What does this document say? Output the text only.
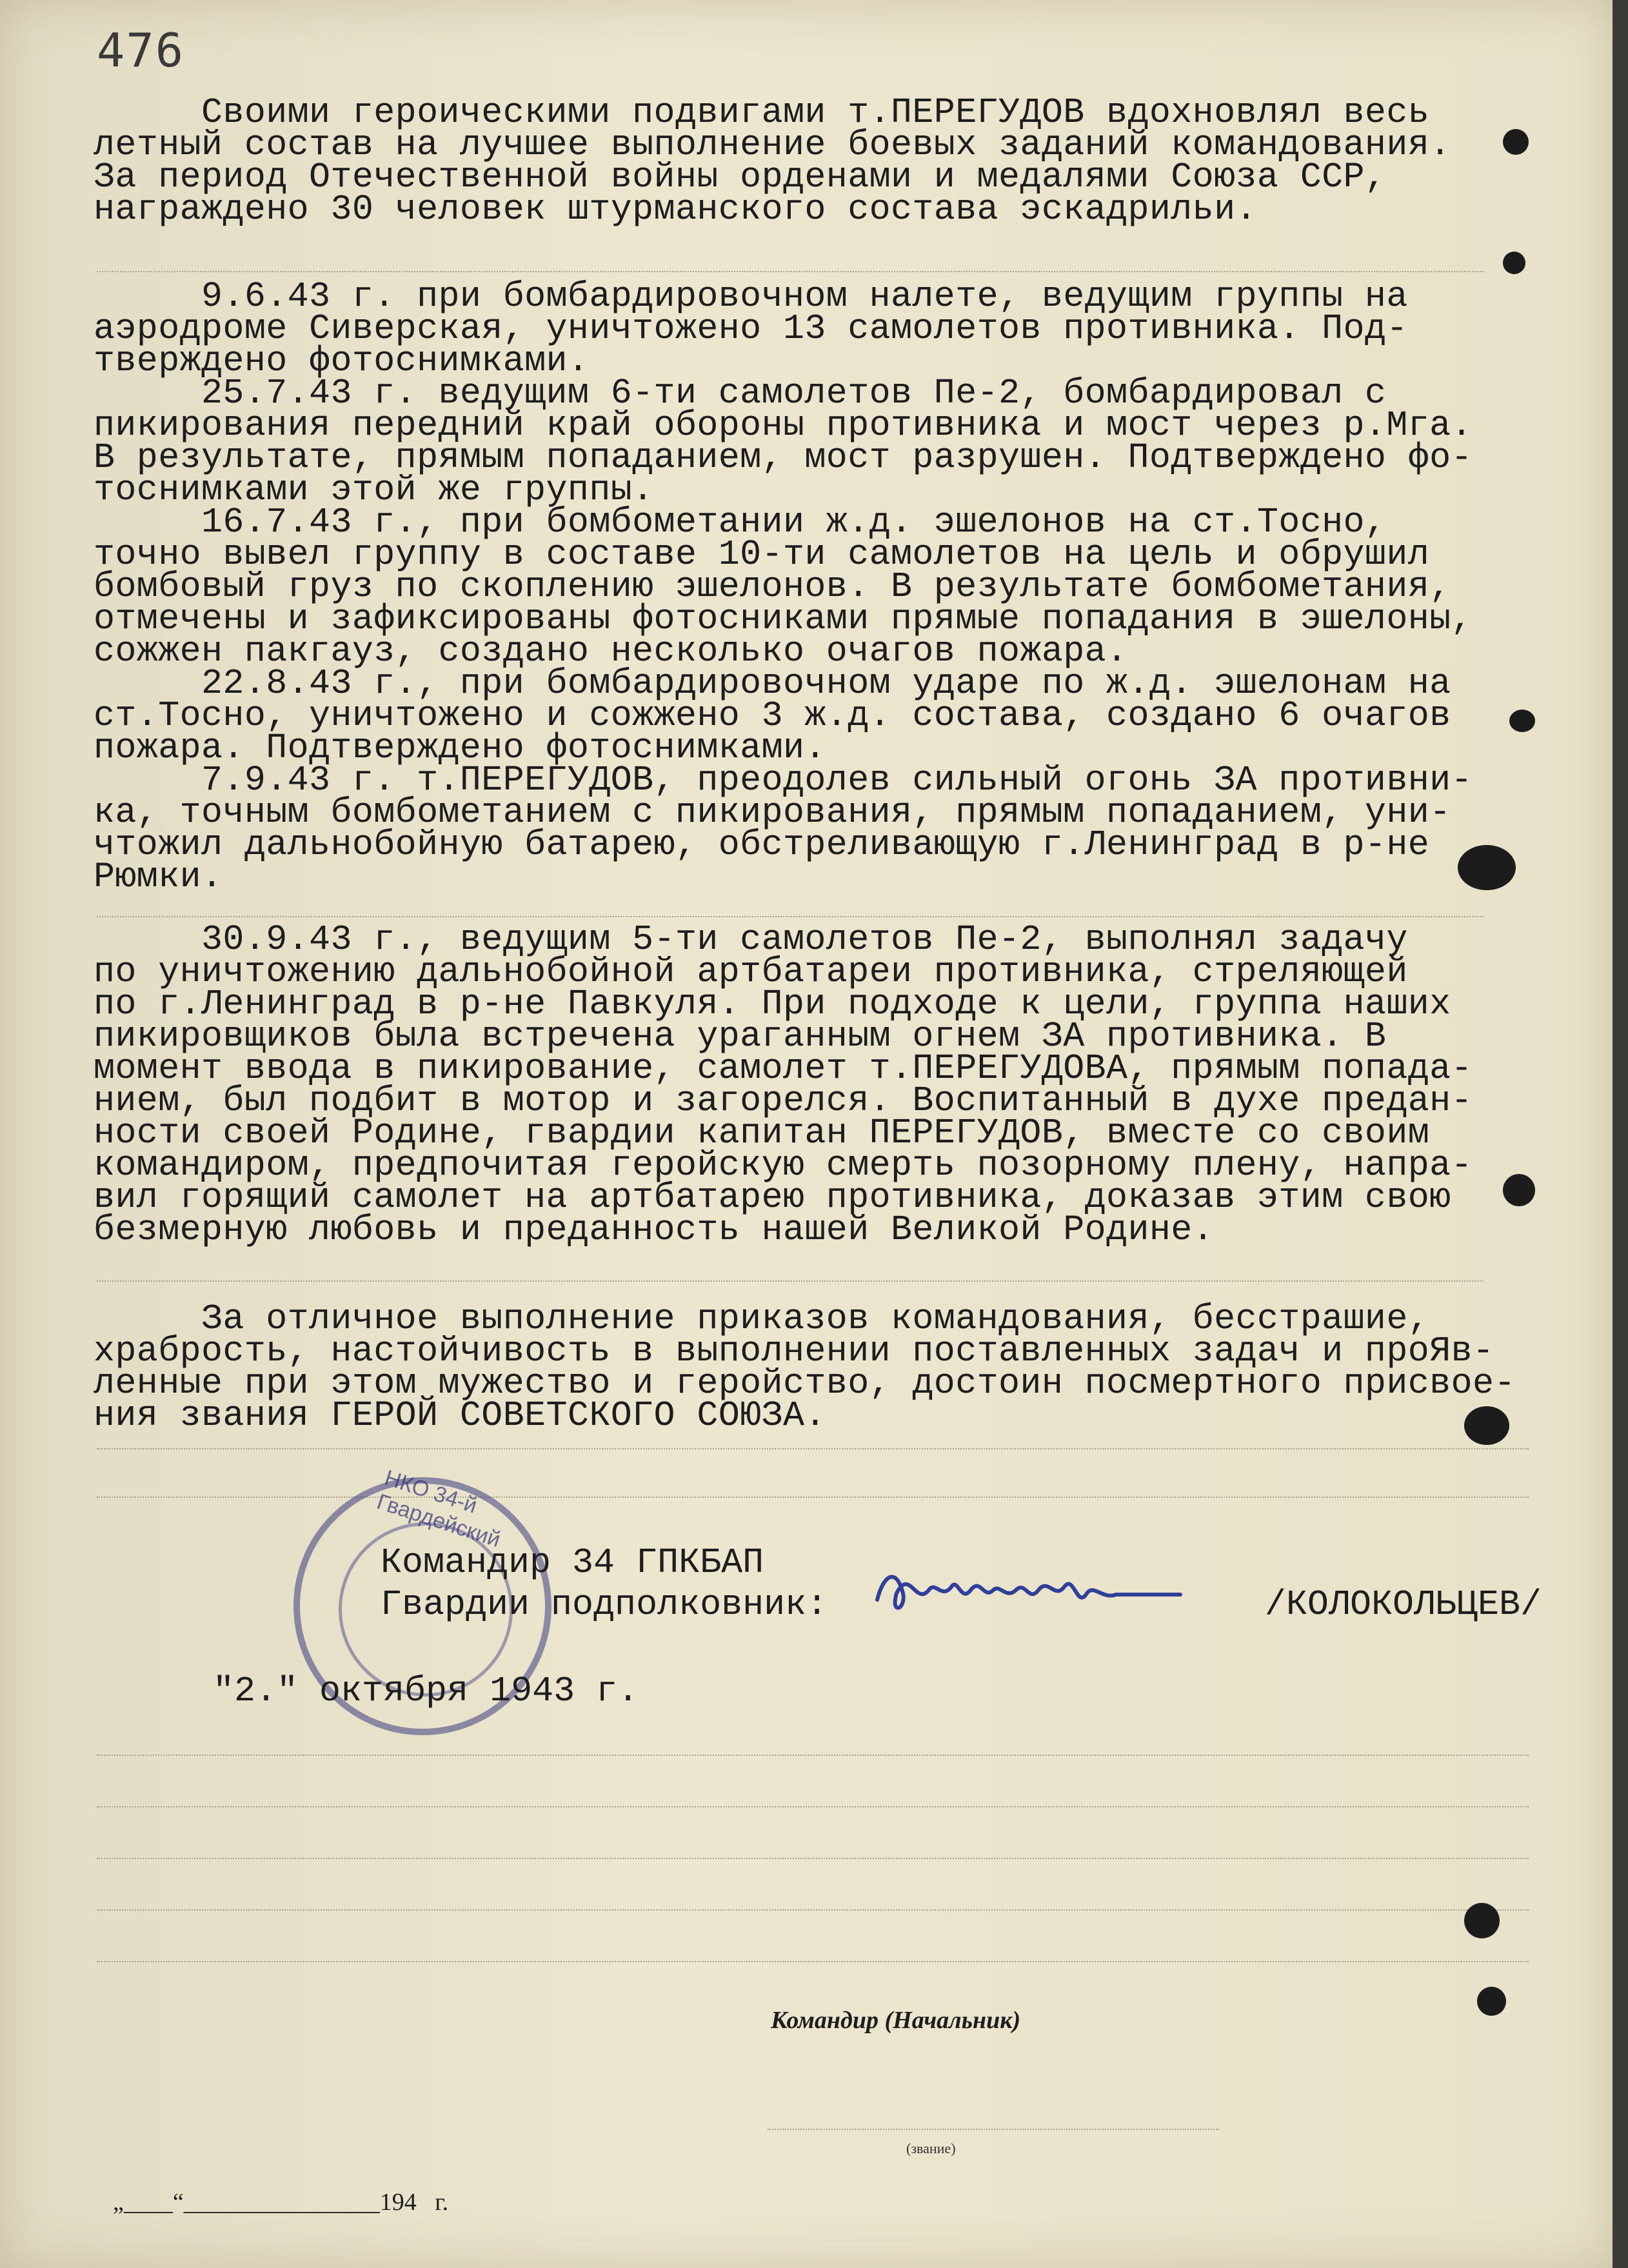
476
Своими героическими подвигами т.ПЕРЕГУДОВ вдохновлял весь
летный состав на лучшее выполнение боевых заданий командования.
За период Отечественной войны орденами и медалями Союза ССР,
награждено 30 человек штурманского состава эскадрильи.
9.6.43 г. при бомбардировочном налете, ведущим группы на
аэродроме Сиверская, уничтожено 13 самолетов противника. Под-
тверждено фотоснимками.
25.7.43 г. ведущим 6-ти самолетов Пе-2, бомбардировал с
пикирования передний край обороны противника и мост через р.Мга.
В результате, прямым попаданием, мост разрушен. Подтверждено фо-
тоснимками этой же группы.
16.7.43 г., при бомбометании ж.д. эшелонов на ст.Тосно,
точно вывел группу в составе 10-ти самолетов на цель и обрушил
бомбовый груз по скоплению эшелонов. В результате бомбометания,
отмечены и зафиксированы фотосниками прямые попадания в эшелоны,
сожжен пакгауз, создано несколько очагов пожара.
22.8.43 г., при бомбардировочном ударе по ж.д. эшелонам на
ст.Тосно, уничтожено и сожжено 3 ж.д. состава, создано 6 очагов
пожара. Подтверждено фотоснимками.
7.9.43 г. т.ПЕРЕГУДОВ, преодолев сильный огонь ЗА противни-
ка, точным бомбометанием с пикирования, прямым попаданием, уни-
чтожил дальнобойную батарею, обстреливающую г.Ленинград в р-не
Рюмки.
30.9.43 г., ведущим 5-ти самолетов Пе-2, выполнял задачу
по уничтожению дальнобойной артбатареи противника, стреляющей
по г.Ленинград в р-не Павкуля. При подходе к цели, группа наших
пикировщиков была встречена ураганным огнем ЗА противника. В
момент ввода в пикирование, самолет т.ПЕРЕГУДОВА, прямым попада-
нием, был подбит в мотор и загорелся. Воспитанный в духе предан-
ности своей Родине, гвардии капитан ПЕРЕГУДОВ, вместе со своим
командиром, предпочитая геройскую смерть позорному плену, напра-
вил горящий самолет на артбатарею противника, доказав этим свою
безмерную любовь и преданность нашей Великой Родине.
За отличное выполнение приказов командования, бесстрашие,
храбрость, настойчивость в выполнении поставленных задач и проЯв-
ленные при этом мужество и геройство, достоин посмертного присвое-
ния звания ГЕРОЙ СОВЕТСКОГО СОЮЗА.
НКО 34-й Гвардейский
Командир 34 ГПКБАП
Гвардии подполковник:	/КОЛОКОЛЬЦЕВ/
"2." октября 1943 г.
Командир (Начальник)
(звание)
„____“________________194   г.
